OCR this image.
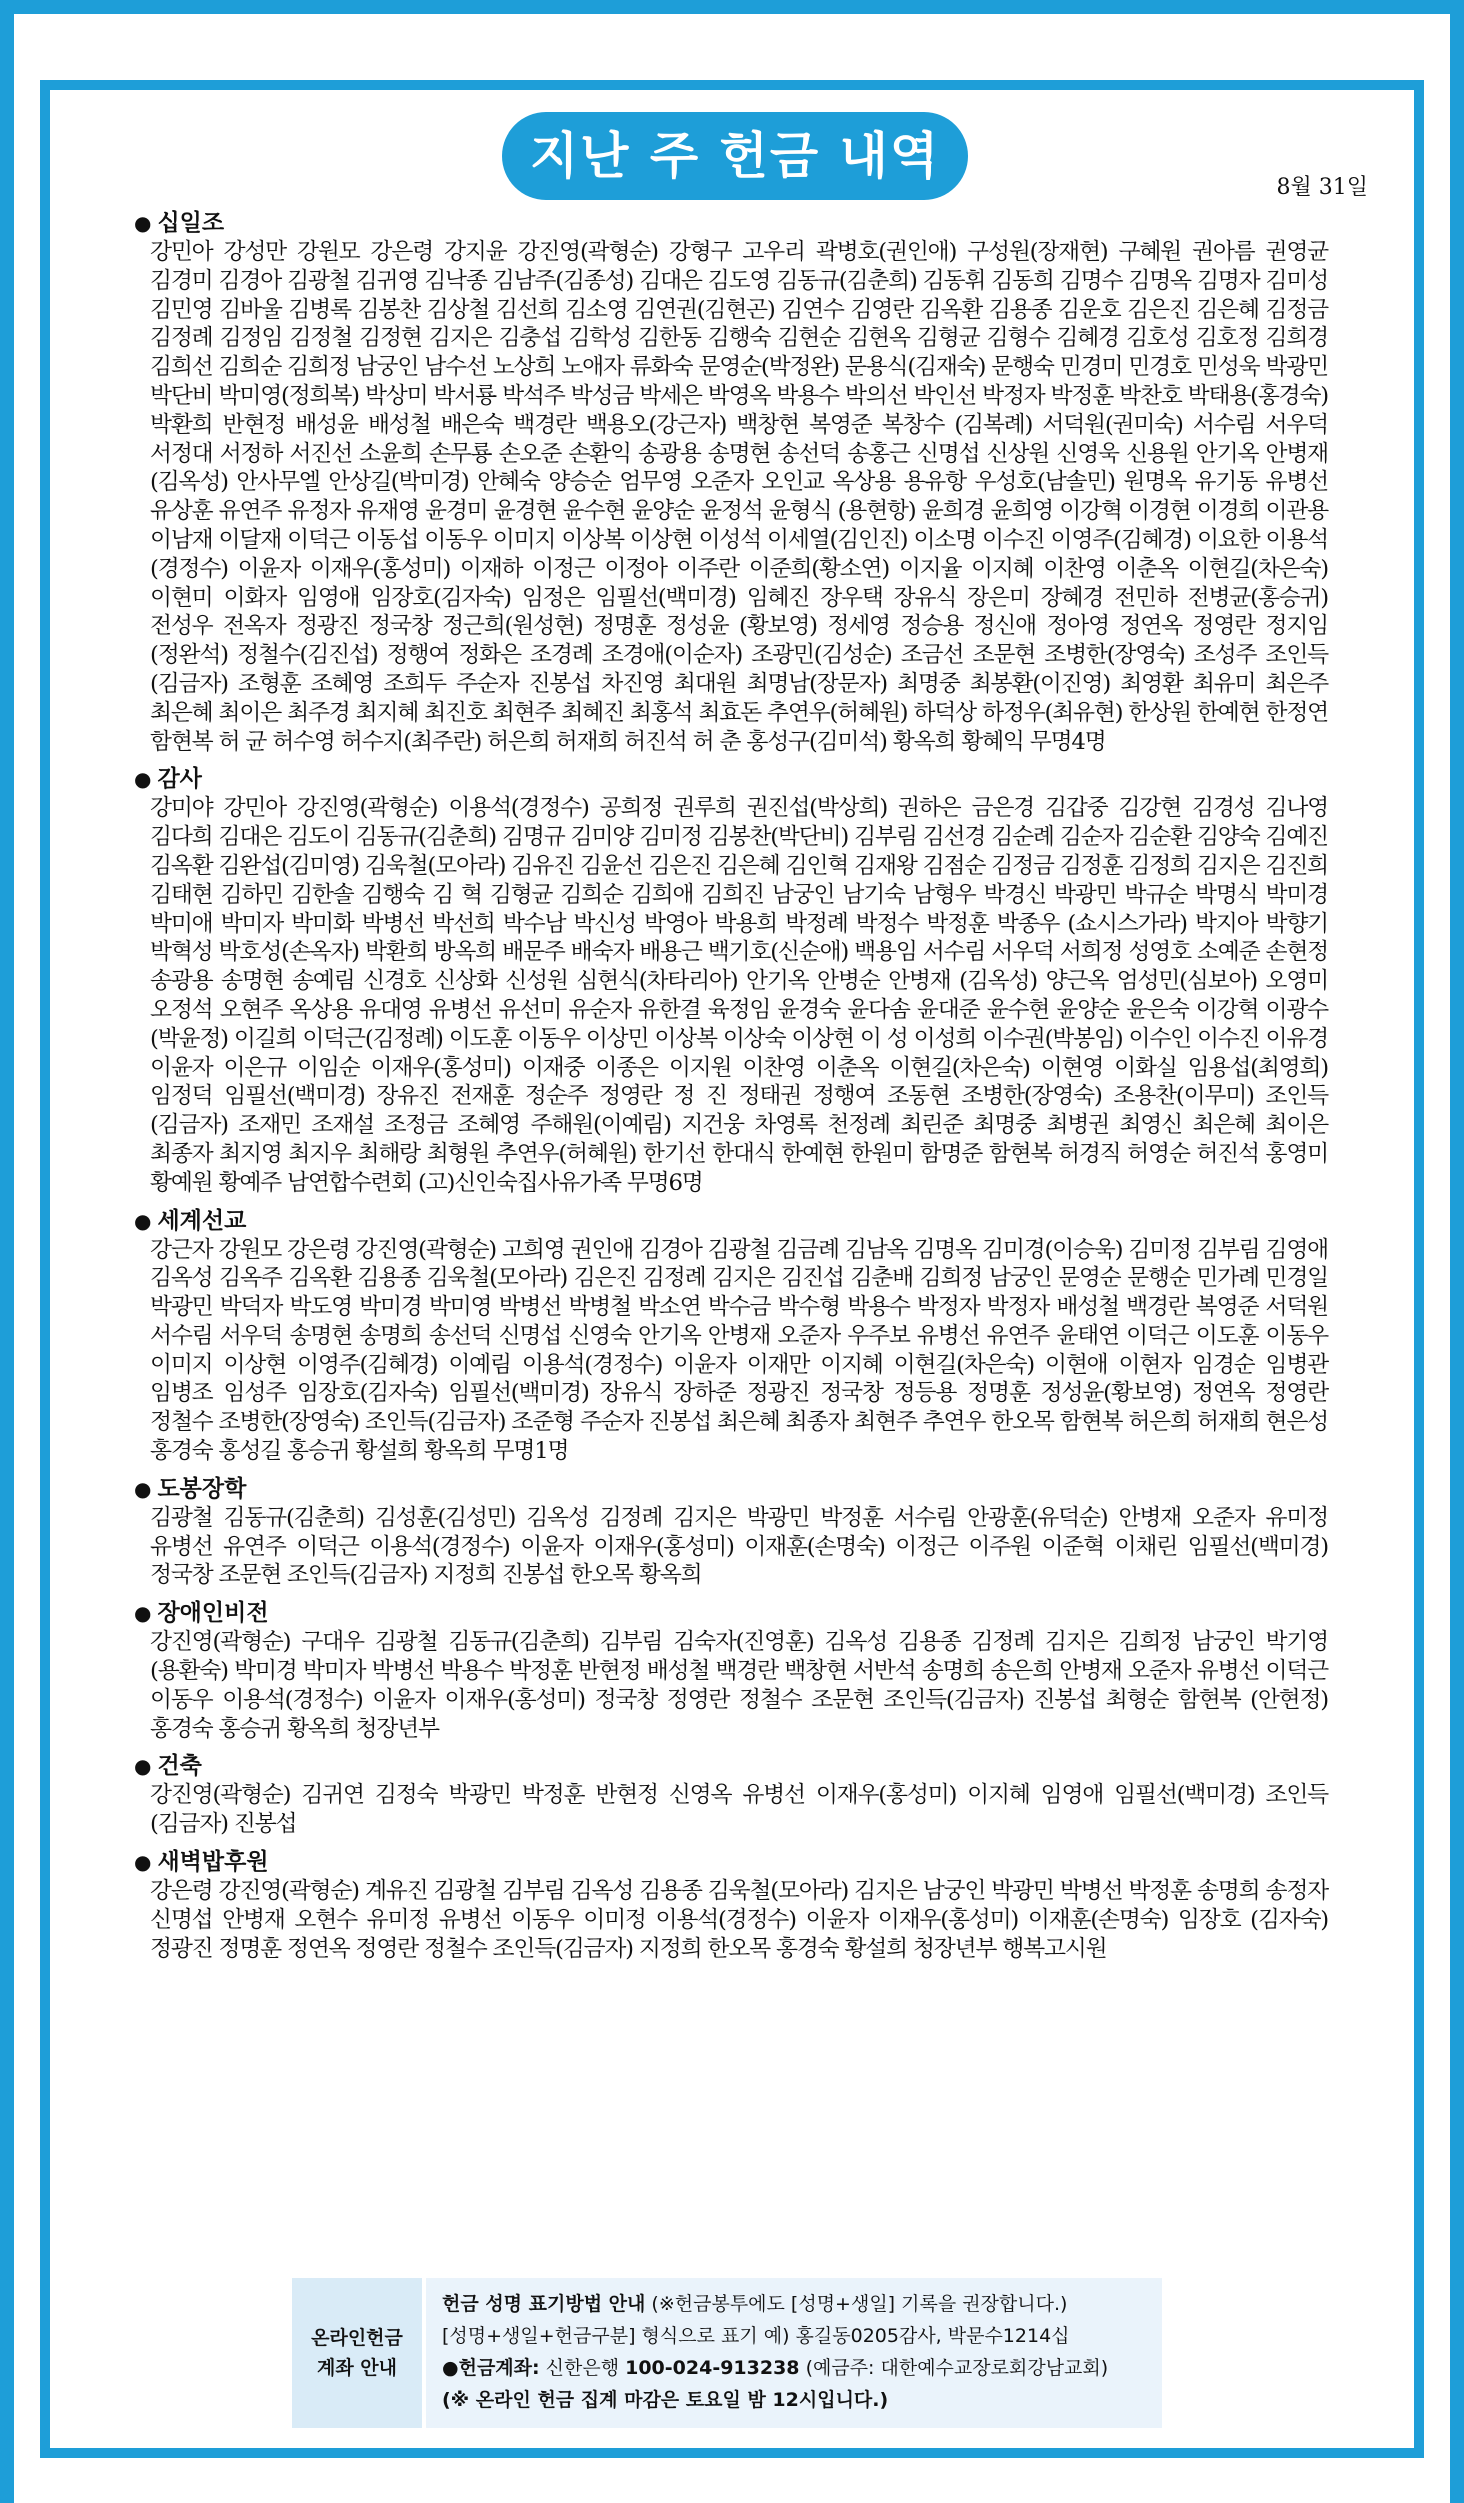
지난 주 헌금 내역
8월 31일
● 십일조
강민아 강성만 강원모 강은령 강지윤 강진영(곽형순) 강형구 고우리 곽병호(권인애) 구성원(장재현) 구혜원 권아름 권영균 김경미 김경아 김광철 김귀영 김낙종 김남주(김종성) 김대은 김도영 김동규(김춘희) 김동휘 김동희 김명수 김명옥 김명자 김미성 김민영 김바울 김병록 김봉찬 김상철 김선희 김소영 김연권(김현곤) 김연수 김영란 김옥환 김용종 김운호 김은진 김은혜 김정금 김정례 김정임 김정철 김정현 김지은 김충섭 김학성 김한동 김행숙 김현순 김현옥 김형균 김형수 김혜경 김호성 김호정 김희경 김희선 김희순 김희정 남궁인 남수선 노상희 노애자 류화숙 문영순(박정완) 문용식(김재숙) 문행숙 민경미 민경호 민성욱 박광민 박단비 박미영(정희복) 박상미 박서룡 박석주 박성금 박세은 박영옥 박용수 박의선 박인선 박정자 박정훈 박찬호 박태용(홍경숙) 박환희 반현정 배성윤 배성철 배은숙 백경란 백용오(강근자) 백창현 복영준 복창수 (김복례) 서덕원(권미숙) 서수림 서우덕 서정대 서정하 서진선 소윤희 손무룡 손오준 손환익 송광용 송명현 송선덕 송홍근 신명섭 신상원 신영욱 신용원 안기옥 안병재(김옥성) 안사무엘 안상길(박미경) 안혜숙 양승순 엄무영 오준자 오인교 옥상용 용유항 우성호(남솔민) 원명옥 유기동 유병선 유상훈 유연주 유정자 유재영 윤경미 윤경현 윤수현 윤양순 윤정석 윤형식 (용현항) 윤희경 윤희영 이강혁 이경현 이경희 이관용 이남재 이달재 이덕근 이동섭 이동우 이미지 이상복 이상현 이성석 이세열(김인진) 이소명 이수진 이영주(김혜경) 이요한 이용석(경정수) 이윤자 이재우(홍성미) 이재하 이정근 이정아 이주란 이준희(황소연) 이지율 이지혜 이찬영 이춘옥 이현길(차은숙) 이현미 이화자 임영애 임장호(김자숙) 임정은 임필선(백미경) 임혜진 장우택 장유식 장은미 장혜경 전민하 전병균(홍승귀) 전성우 전옥자 정광진 정국창 정근희(원성현) 정명훈 정성윤 (황보영) 정세영 정승용 정신애 정아영 정연옥 정영란 정지임(정완석) 정철수(김진섭) 정행여 정화은 조경례 조경애(이순자) 조광민(김성순) 조금선 조문현 조병한(장영숙) 조성주 조인득(김금자) 조형훈 조혜영 조희두 주순자 진봉섭 차진영 최대원 최명남(장문자) 최명중 최봉환(이진영) 최영환 최유미 최은주 최은혜 최이은 최주경 최지혜 최진호 최현주 최혜진 최홍석 최효돈 추연우(허혜원) 하덕상 하정우(최유현) 한상원 한예현 한정연 함현복 허 균 허수영 허수지(최주란) 허은희 허재희 허진석 허 춘 홍성구(김미석) 황옥희 황혜익 무명4명
● 감사
강미야 강민아 강진영(곽형순) 이용석(경정수) 공희정 권루희 권진섭(박상희) 권하은 금은경 김갑중 김강현 김경성 김나영 김다희 김대은 김도이 김동규(김춘희) 김명규 김미양 김미정 김봉찬(박단비) 김부림 김선경 김순례 김순자 김순환 김양숙 김예진 김옥환 김완섭(김미영) 김욱철(모아라) 김유진 김윤선 김은진 김은혜 김인혁 김재왕 김점순 김정금 김정훈 김정희 김지은 김진희 김태현 김하민 김한솔 김행숙 김 혁 김형균 김희순 김희애 김희진 남궁인 남기숙 남형우 박경신 박광민 박규순 박명식 박미경 박미애 박미자 박미화 박병선 박선희 박수남 박신성 박영아 박용희 박정례 박정수 박정훈 박종우 (쇼시스가라) 박지아 박향기 박혁성 박호성(손옥자) 박환희 방옥희 배문주 배숙자 배용근 백기호(신순애) 백용임 서수림 서우덕 서희정 성영호 소예준 손현정 송광용 송명현 송예림 신경호 신상화 신성원 심현식(차타리아) 안기옥 안병순 안병재 (김옥성) 양근옥 엄성민(심보아) 오영미 오정석 오현주 옥상용 유대영 유병선 유선미 유순자 유한결 육정임 윤경숙 윤다솜 윤대준 윤수현 윤양순 윤은숙 이강혁 이광수(박윤정) 이길희 이덕근(김정례) 이도훈 이동우 이상민 이상복 이상숙 이상현 이 성 이성희 이수권(박봉임) 이수인 이수진 이유경 이윤자 이은규 이임순 이재우(홍성미) 이재중 이종은 이지원 이찬영 이춘옥 이현길(차은숙) 이현영 이화실 임용섭(최영희) 임정덕 임필선(백미경) 장유진 전재훈 정순주 정영란 정 진 정태권 정행여 조동현 조병한(장영숙) 조용찬(이무미) 조인득(김금자) 조재민 조재설 조정금 조혜영 주해원(이예림) 지건웅 차영록 천정례 최린준 최명중 최병권 최영신 최은혜 최이은 최종자 최지영 최지우 최해랑 최형원 추연우(허혜원) 한기선 한대식 한예현 한원미 함명준 함현복 허경직 허영순 허진석 홍영미 황예원 황예주 남연합수련회 (고)신인숙집사유가족 무명6명
● 세계선교
강근자 강원모 강은령 강진영(곽형순) 고희영 권인애 김경아 김광철 김금례 김남옥 김명옥 김미경(이승욱) 김미정 김부림 김영애 김옥성 김옥주 김옥환 김용종 김욱철(모아라) 김은진 김정례 김지은 김진섭 김춘배 김희정 남궁인 문영순 문행순 민가례 민경일 박광민 박덕자 박도영 박미경 박미영 박병선 박병철 박소연 박수금 박수형 박용수 박정자 박정자 배성철 백경란 복영준 서덕원 서수림 서우덕 송명현 송명희 송선덕 신명섭 신영숙 안기옥 안병재 오준자 우주보 유병선 유연주 윤태연 이덕근 이도훈 이동우 이미지 이상현 이영주(김혜경) 이예림 이용석(경정수) 이윤자 이재만 이지혜 이현길(차은숙) 이현애 이현자 임경순 임병관 임병조 임성주 임장호(김자숙) 임필선(백미경) 장유식 장하준 정광진 정국창 정등용 정명훈 정성윤(황보영) 정연옥 정영란 정철수 조병한(장영숙) 조인득(김금자) 조준형 주순자 진봉섭 최은혜 최종자 최현주 추연우 한오목 함현복 허은희 허재희 현은성 홍경숙 홍성길 홍승귀 황설희 황옥희 무명1명
● 도봉장학
김광철 김동규(김춘희) 김성훈(김성민) 김옥성 김정례 김지은 박광민 박정훈 서수림 안광훈(유덕순) 안병재 오준자 유미정 유병선 유연주 이덕근 이용석(경정수) 이윤자 이재우(홍성미) 이재훈(손명숙) 이정근 이주원 이준혁 이채린 임필선(백미경) 정국창 조문현 조인득(김금자) 지정희 진봉섭 한오목 황옥희
● 장애인비전
강진영(곽형순) 구대우 김광철 김동규(김춘희) 김부림 김숙자(진영훈) 김옥성 김용종 김정례 김지은 김희정 남궁인 박기영 (용환숙) 박미경 박미자 박병선 박용수 박정훈 반현정 배성철 백경란 백창현 서반석 송명희 송은희 안병재 오준자 유병선 이덕근 이동우 이용석(경정수) 이윤자 이재우(홍성미) 정국창 정영란 정철수 조문현 조인득(김금자) 진봉섭 최형순 함현복 (안현정) 홍경숙 홍승귀 황옥희 청장년부
● 건축
강진영(곽형순) 김귀연 김정숙 박광민 박정훈 반현정 신영옥 유병선 이재우(홍성미) 이지혜 임영애 임필선(백미경) 조인득 (김금자) 진봉섭
● 새벽밥후원
강은령 강진영(곽형순) 계유진 김광철 김부림 김옥성 김용종 김욱철(모아라) 김지은 남궁인 박광민 박병선 박정훈 송명희 송정자 신명섭 안병재 오현수 유미정 유병선 이동우 이미정 이용석(경정수) 이윤자 이재우(홍성미) 이재훈(손명숙) 임장호 (김자숙) 정광진 정명훈 정연옥 정영란 정철수 조인득(김금자) 지정희 한오목 홍경숙 황설희 청장년부 행복고시원
온라인헌금
계좌 안내
헌금 성명 표기방법 안내 (※헌금봉투에도 [성명+생일] 기록을 권장합니다.)
[성명+생일+헌금구분] 형식으로 표기 예) 홍길동0205감사, 박문수1214십
●헌금계좌: 신한은행 100-024-913238 (예금주: 대한예수교장로회강남교회)
(※ 온라인 헌금 집계 마감은 토요일 밤 12시입니다.)
